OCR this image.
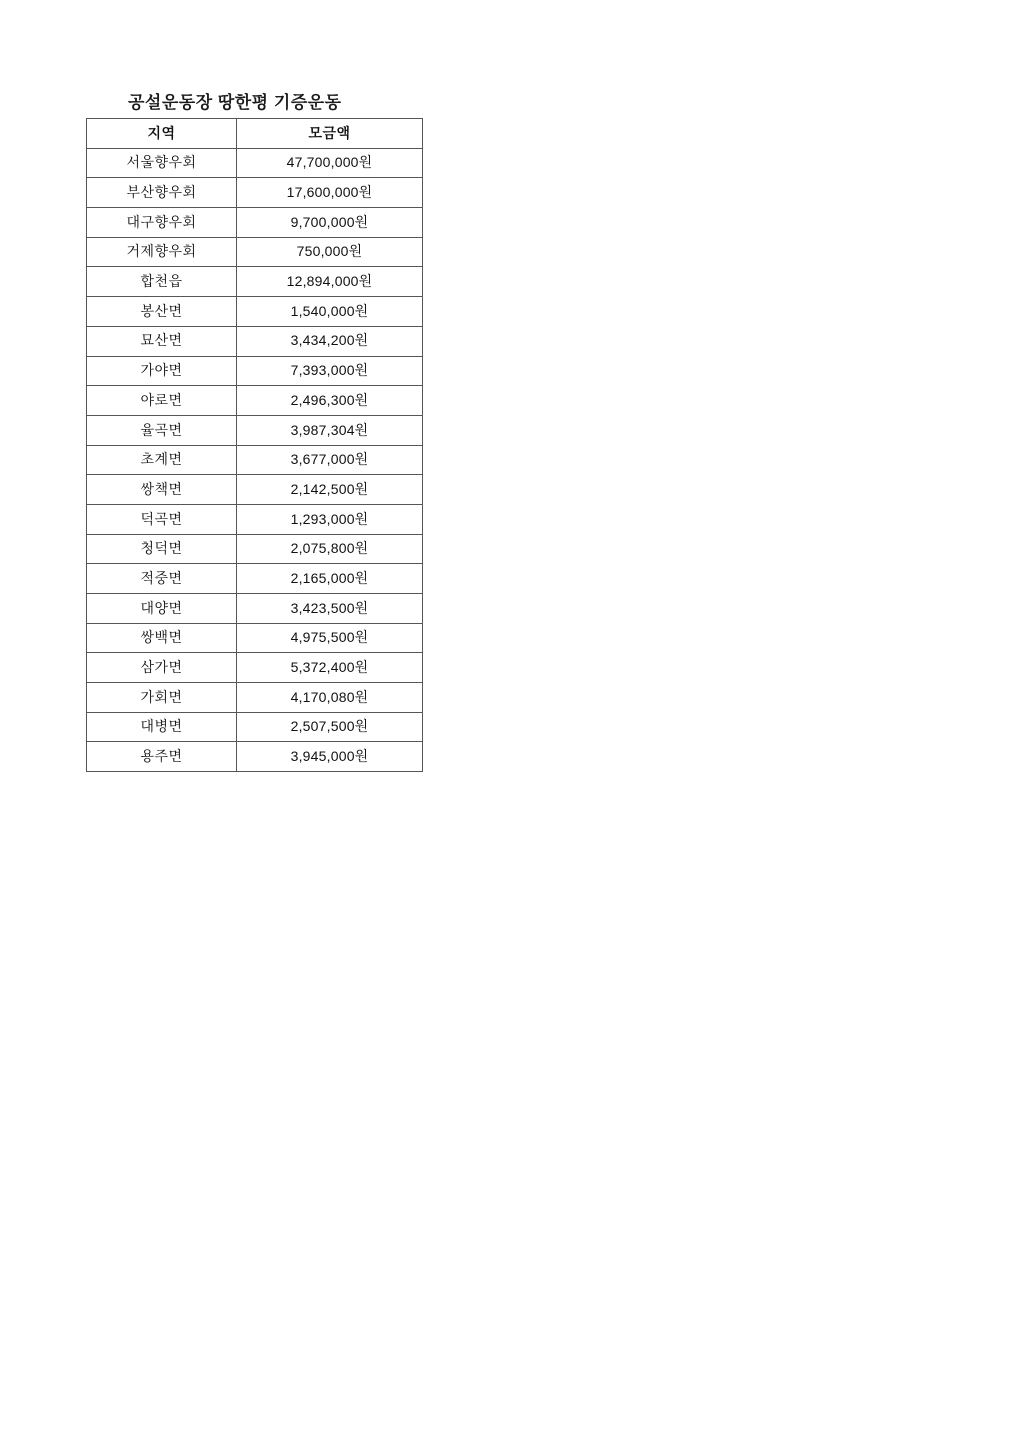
공설운동장 땅한평 기증운동
지역	모금액
서울향우회	47,700,000원
부산향우회	17,600,000원
대구향우회	9,700,000원
거제향우회	750,000원
합천읍	12,894,000원
봉산면	1,540,000원
묘산면	3,434,200원
가야면	7,393,000원
야로면	2,496,300원
율곡면	3,987,304원
초계면	3,677,000원
쌍책면	2,142,500원
덕곡면	1,293,000원
청덕면	2,075,800원
적중면	2,165,000원
대양면	3,423,500원
쌍백면	4,975,500원
삼가면	5,372,400원
가회면	4,170,080원
대병면	2,507,500원
용주면	3,945,000원
